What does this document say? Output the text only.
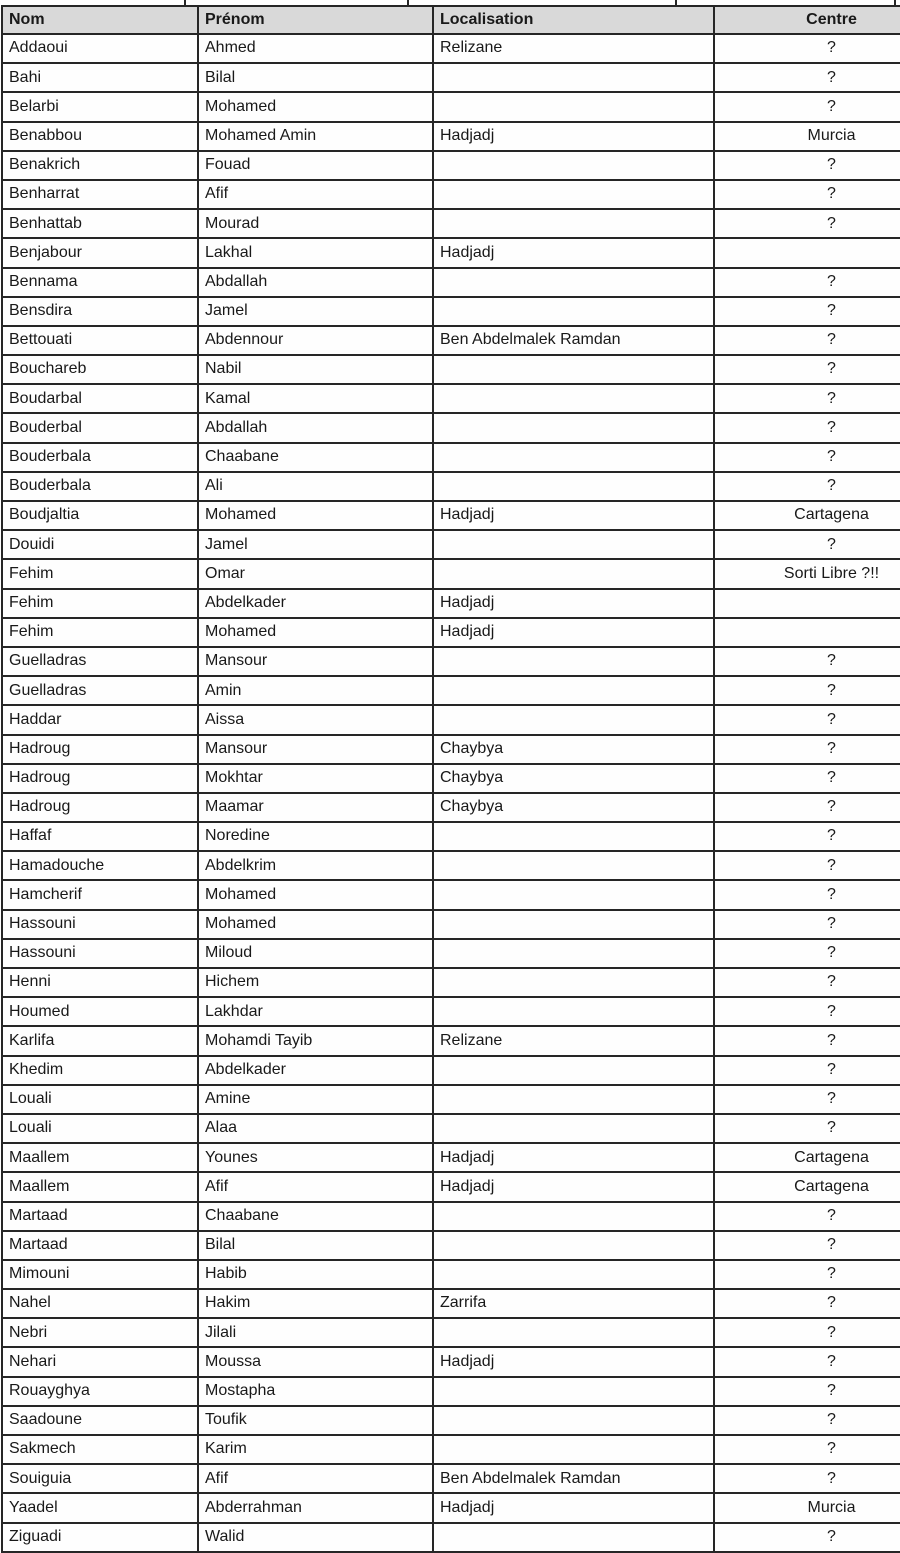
Nom	Prénom	Localisation	Centre
Addaoui	Ahmed	Relizane	?
Bahi	Bilal		?
Belarbi	Mohamed		?
Benabbou	Mohamed Amin	Hadjadj	Murcia
Benakrich	Fouad		?
Benharrat	Afif		?
Benhattab	Mourad		?
Benjabour	Lakhal	Hadjadj	
Bennama	Abdallah		?
Bensdira	Jamel		?
Bettouati	Abdennour	Ben Abdelmalek Ramdan	?
Bouchareb	Nabil		?
Boudarbal	Kamal		?
Bouderbal	Abdallah		?
Bouderbala	Chaabane		?
Bouderbala	Ali		?
Boudjaltia	Mohamed	Hadjadj	Cartagena
Douidi	Jamel		?
Fehim	Omar		Sorti Libre ?!!
Fehim	Abdelkader	Hadjadj	
Fehim	Mohamed	Hadjadj	
Guelladras	Mansour		?
Guelladras	Amin		?
Haddar	Aissa		?
Hadroug	Mansour	Chaybya	?
Hadroug	Mokhtar	Chaybya	?
Hadroug	Maamar	Chaybya	?
Haffaf	Noredine		?
Hamadouche	Abdelkrim		?
Hamcherif	Mohamed		?
Hassouni	Mohamed		?
Hassouni	Miloud		?
Henni	Hichem		?
Houmed	Lakhdar		?
Karlifa	Mohamdi Tayib	Relizane	?
Khedim	Abdelkader		?
Louali	Amine		?
Louali	Alaa		?
Maallem	Younes	Hadjadj	Cartagena
Maallem	Afif	Hadjadj	Cartagena
Martaad	Chaabane		?
Martaad	Bilal		?
Mimouni	Habib		?
Nahel	Hakim	Zarrifa	?
Nebri	Jilali		?
Nehari	Moussa	Hadjadj	?
Rouayghya	Mostapha		?
Saadoune	Toufik		?
Sakmech	Karim		?
Souiguia	Afif	Ben Abdelmalek Ramdan	?
Yaadel	Abderrahman	Hadjadj	Murcia
Ziguadi	Walid		?
